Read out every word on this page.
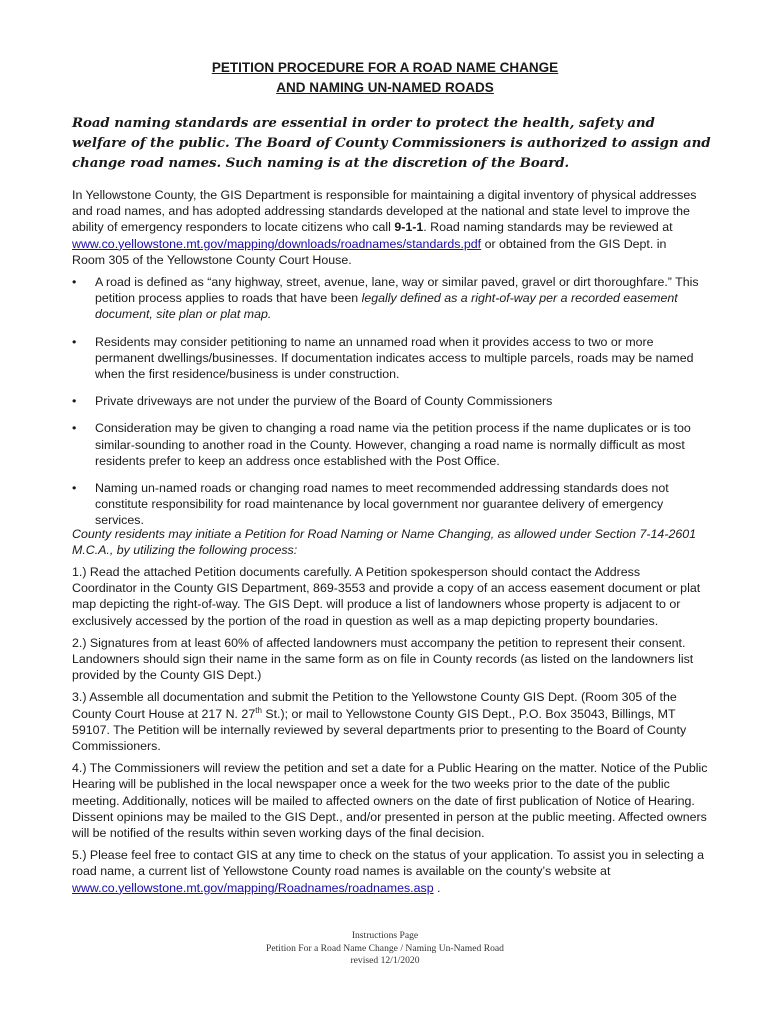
PETITION PROCEDURE FOR A ROAD NAME CHANGE
AND NAMING UN-NAMED ROADS
Road naming standards are essential in order to protect the health, safety and welfare of the public. The Board of County Commissioners is authorized to assign and change road names. Such naming is at the discretion of the Board.
In Yellowstone County, the GIS Department is responsible for maintaining a digital inventory of physical addresses and road names, and has adopted addressing standards developed at the national and state level to improve the ability of emergency responders to locate citizens who call 9-1-1. Road naming standards may be reviewed at www.co.yellowstone.mt.gov/mapping/downloads/roadnames/standards.pdf or obtained from the GIS Dept. in Room 305 of the Yellowstone County Court House.
• A road is defined as “any highway, street, avenue, lane, way or similar paved, gravel or dirt thoroughfare.” This petition process applies to roads that have been legally defined as a right-of-way per a recorded easement document, site plan or plat map.
• Residents may consider petitioning to name an unnamed road when it provides access to two or more permanent dwellings/businesses. If documentation indicates access to multiple parcels, roads may be named when the first residence/business is under construction.
• Private driveways are not under the purview of the Board of County Commissioners
• Consideration may be given to changing a road name via the petition process if the name duplicates or is too similar-sounding to another road in the County. However, changing a road name is normally difficult as most residents prefer to keep an address once established with the Post Office.
• Naming un-named roads or changing road names to meet recommended addressing standards does not constitute responsibility for road maintenance by local government nor guarantee delivery of emergency services.
County residents may initiate a Petition for Road Naming or Name Changing, as allowed under Section 7-14-2601 M.C.A., by utilizing the following process:

1.) Read the attached Petition documents carefully. A Petition spokesperson should contact the Address Coordinator in the County GIS Department, 869-3553 and provide a copy of an access easement document or plat map depicting the right-of-way. The GIS Dept. will produce a list of landowners whose property is adjacent to or exclusively accessed by the portion of the road in question as well as a map depicting property boundaries.

2.) Signatures from at least 60% of affected landowners must accompany the petition to represent their consent. Landowners should sign their name in the same form as on file in County records (as listed on the landowners list provided by the County GIS Dept.)

3.) Assemble all documentation and submit the Petition to the Yellowstone County GIS Dept. (Room 305 of the County Court House at 217 N. 27th St.); or mail to Yellowstone County GIS Dept., P.O. Box 35043, Billings, MT 59107. The Petition will be internally reviewed by several departments prior to presenting to the Board of County Commissioners.

4.) The Commissioners will review the petition and set a date for a Public Hearing on the matter. Notice of the Public Hearing will be published in the local newspaper once a week for the two weeks prior to the date of the public meeting. Additionally, notices will be mailed to affected owners on the date of first publication of Notice of Hearing. Dissent opinions may be mailed to the GIS Dept., and/or presented in person at the public meeting. Affected owners will be notified of the results within seven working days of the final decision.

5.) Please feel free to contact GIS at any time to check on the status of your application. To assist you in selecting a road name, a current list of Yellowstone County road names is available on the county’s website at www.co.yellowstone.mt.gov/mapping/Roadnames/roadnames.asp .

Instructions Page
Petition For a Road Name Change / Naming Un-Named Road
revised 12/1/2020
